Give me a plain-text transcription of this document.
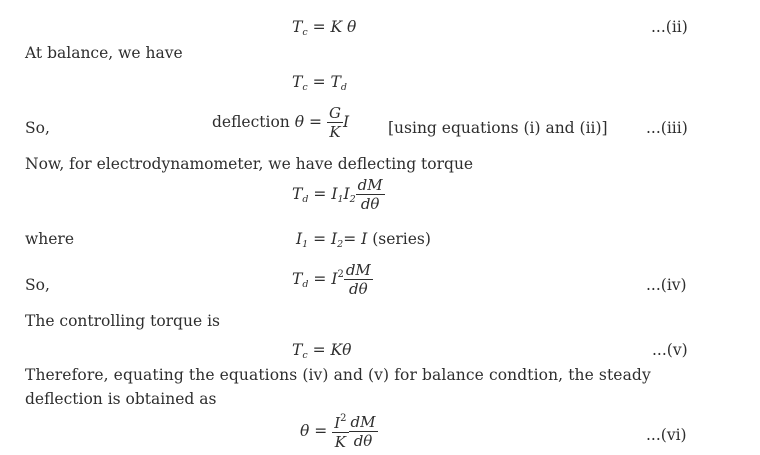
$T_c = K$ θ	...(ii)
At balance, we have
$T_c = T_d$
So,	deflection $\theta = \frac{G}{K}$ I	[using equations (i) and (ii)] ...(iii)
Now, for electrodynamometer, we have deflecting torque
$T_d = I_1I_2 \frac{dM}{d\theta}$
where	$I_1 = I_2= I$ (series)
So,	$T_d = I^2 \frac{dM}{d\theta}$	...(iv)
The controlling torque is
$T_c = K\theta$	...(v)
Therefore, equating the equations (iv) and (v) for balance condtion, the steady
deflection is obtained as
$\theta = \frac{I^2}{K} \frac{dM}{d\theta}$	...(vi)
